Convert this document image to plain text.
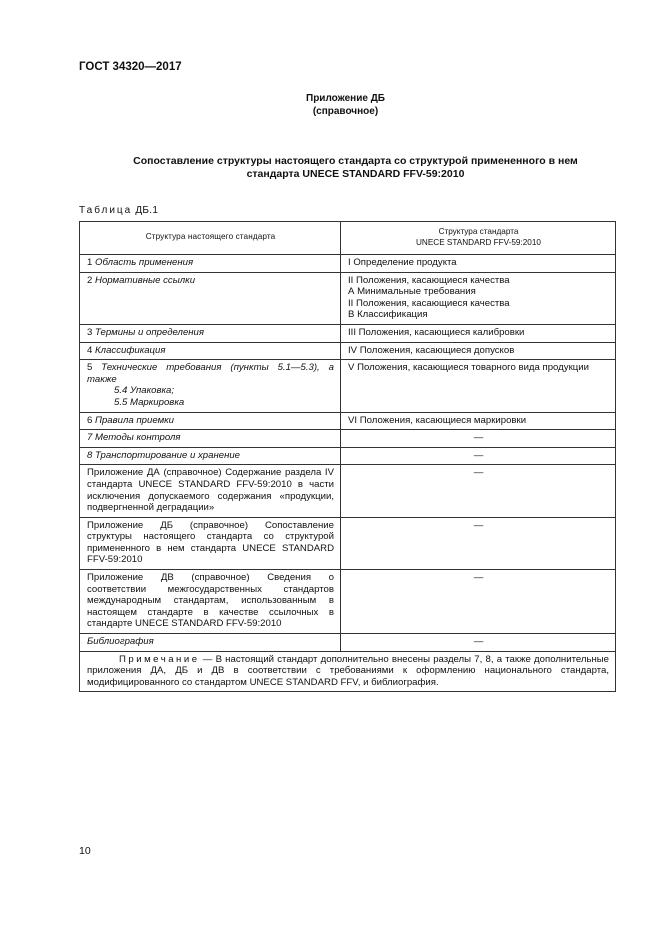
ГОСТ 34320—2017
Приложение ДБ
(справочное)
Сопоставление структуры настоящего стандарта со структурой примененного в нем
стандарта UNECE STANDARD FFV-59:2010
Таблица ДБ.1
Структура настоящего стандарта	Структура стандарта
UNECE STANDARD FFV-59:2010

1 Область применения	I Определение продукта

2 Нормативные ссылки	II Положения, касающиеся качества
А Минимальные требования
II Положения, касающиеся качества
В Классификация

3 Термины и определения	III Положения, касающиеся калибровки

4 Классификация	IV Положения, касающиеся допусков

5 Технические требования (пункты 5.1—5.3), а также
5.4 Упаковка;
5.5 Маркировка	V Положения, касающиеся товарного вида продукции

6 Правила приемки	VI Положения, касающиеся маркировки

7 Методы контроля	—
8 Транспортирование и хранение	—
Приложение ДА (справочное) Содержание раздела IV стандарта UNECE STANDARD FFV-59:2010 в части исключения допускаемого содержания «продукции, подвергненной деградации»	—
Приложение ДБ (справочное) Сопоставление структуры настоящего стандарта со структурой примененного в нем стандарта UNECE STANDARD FFV-59:2010	—
Приложение ДВ (справочное) Сведения о соответствии межгосударственных стандартов международным стандартам, использованным в настоящем стандарте в качестве ссылочных в стандарте UNECE STANDARD FFV-59:2010	—
Библиография	—
Примечание — В настоящий стандарт дополнительно внесены разделы 7, 8, а также дополнительные приложения ДА, ДБ и ДВ в соответствии с требованиями к оформлению национального стандарта, модифицированного со стандартом UNECE STANDARD FFV, и библиография.	
10
